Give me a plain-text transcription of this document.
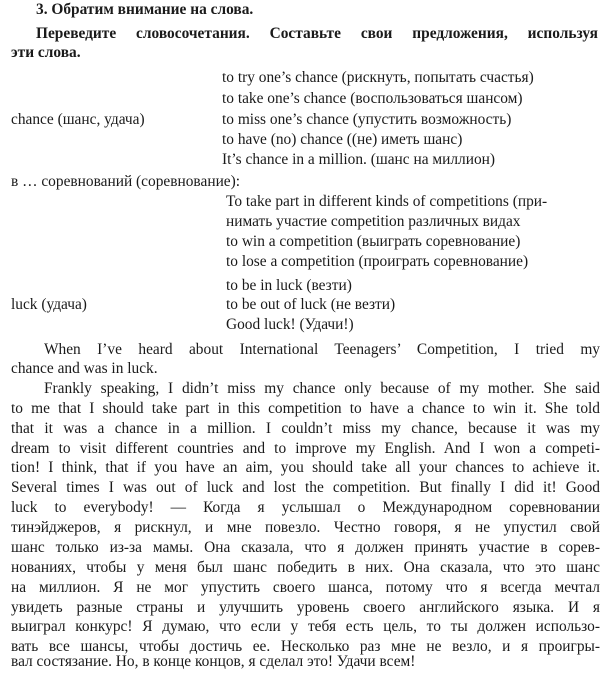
3. Обратим внимание на слова.
Переведите словосочетания. Составьте свои предложения, используя
эти слова.
to try one’s chance (рискнуть, попытать счастья)
to take one’s chance (воспользоваться шансом)
chance (шанс, удача)	to miss one’s chance (упустить возможность)
to have (no) chance ((не) иметь шанс)
It’s chance in a million. (шанс на миллион)
в … соревнований (соревнование):
To take part in different kinds of competitions (при-
нимать участие competition различных видах
to win a competition (выиграть соревнование)
to lose a competition (проиграть соревнование)
to be in luck (везти)
luck (удача)	to be out of luck (не везти)
Good luck! (Удачи!)
When I’ve heard about International Teenagers’ Competition, I tried my
chance and was in luck.
Frankly speaking, I didn’t miss my chance only because of my mother. She said
to me that I should take part in this competition to have a chance to win it. She told
that it was a chance in a million. I couldn’t miss my chance, because it was my
dream to visit different countries and to improve my English. And I won a competi-
tion! I think, that if you have an aim, you should take all your chances to achieve it.
Several times I was out of luck and lost the competition. But finally I did it! Good
luck to everybody! — Когда я услышал о Международном соревновании
тинэйджеров, я рискнул, и мне повезло. Честно говоря, я не упустил свой
шанс только из-за мамы. Она сказала, что я должен принять участие в сорев-
нованиях, чтобы у меня был шанс победить в них. Она сказала, что это шанс
на миллион. Я не мог упустить своего шанса, потому что я всегда мечтал
увидеть разные страны и улучшить уровень своего английского языка. И я
выиграл конкурс! Я думаю, что если у тебя есть цель, то ты должен использо-
вать все шансы, чтобы достичь ее. Несколько раз мне не везло, и я проигры-
вал состязание. Но, в конце концов, я сделал это! Удачи всем!
